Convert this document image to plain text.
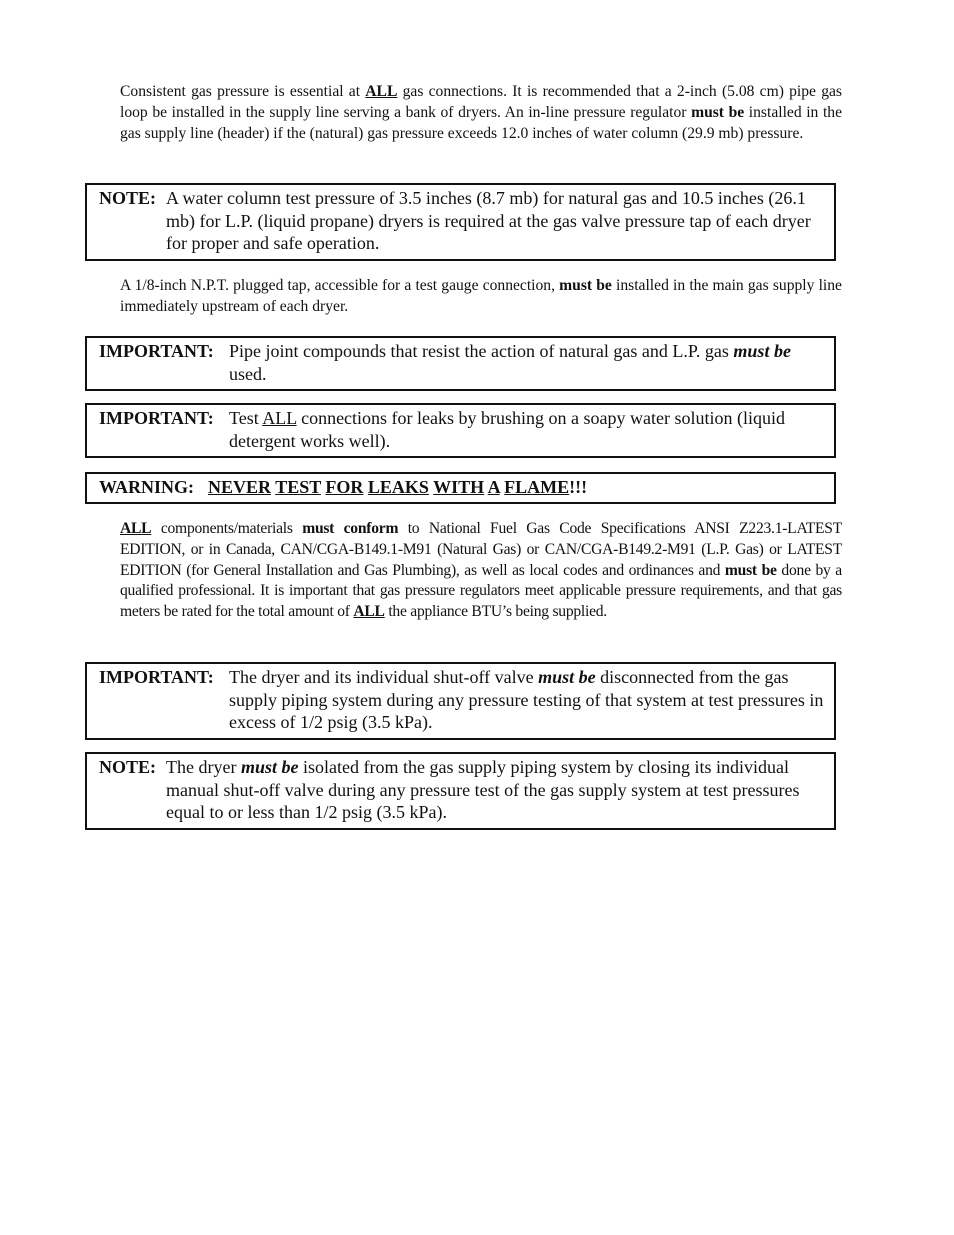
Consistent gas pressure is essential at ALL gas connections. It is recommended that a 2-inch (5.08 cm) pipe gas loop be installed in the supply line serving a bank of dryers. An in-line pressure regulator must be installed in the gas supply line (header) if the (natural) gas pressure exceeds 12.0 inches of water column (29.9 mb) pressure.
NOTE: A water column test pressure of 3.5 inches (8.7 mb) for natural gas and 10.5 inches (26.1 mb) for L.P. (liquid propane) dryers is required at the gas valve pressure tap of each dryer for proper and safe operation.
A 1/8-inch N.P.T. plugged tap, accessible for a test gauge connection, must be installed in the main gas supply line immediately upstream of each dryer.
IMPORTANT: Pipe joint compounds that resist the action of natural gas and L.P. gas must be used.
IMPORTANT: Test ALL connections for leaks by brushing on a soapy water solution (liquid detergent works well).
WARNING: NEVER TEST FOR LEAKS WITH A FLAME!!!
ALL components/materials must conform to National Fuel Gas Code Specifications ANSI Z223.1-LATEST EDITION, or in Canada, CAN/CGA-B149.1-M91 (Natural Gas) or CAN/CGA-B149.2-M91 (L.P. Gas) or LATEST EDITION (for General Installation and Gas Plumbing), as well as local codes and ordinances and must be done by a qualified professional. It is important that gas pressure regulators meet applicable pressure requirements, and that gas meters be rated for the total amount of ALL the appliance BTU’s being supplied.
IMPORTANT: The dryer and its individual shut-off valve must be disconnected from the gas supply piping system during any pressure testing of that system at test pressures in excess of 1/2 psig (3.5 kPa).
NOTE: The dryer must be isolated from the gas supply piping system by closing its individual manual shut-off valve during any pressure test of the gas supply system at test pressures equal to or less than 1/2 psig (3.5 kPa).
